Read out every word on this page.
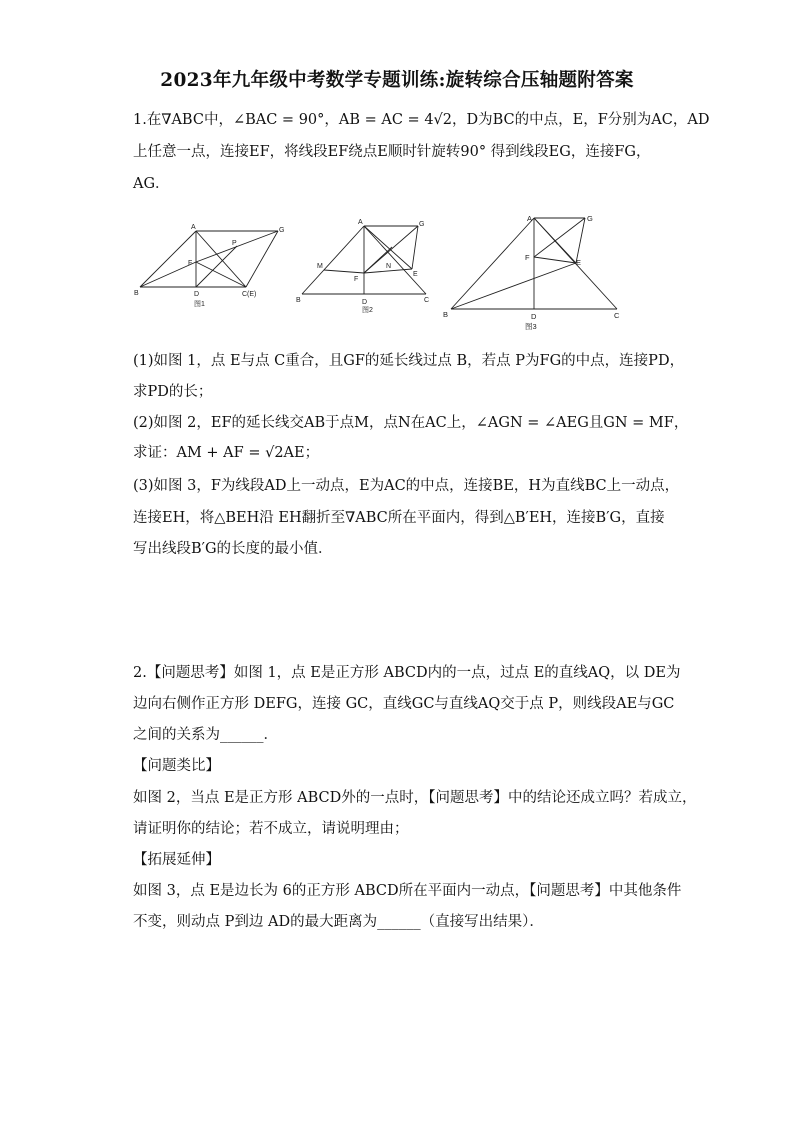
2023年九年级中考数学专题训练:旋转综合压轴题附答案
1.在∇ABC中，∠BAC = 90°，AB = AC = 4√2，D为BC的中点，E，F分别为AC，AD
上任意一点，连接EF，将线段EF绕点E顺时针旋转90° 得到线段EG，连接FG，
AG．
A	G
P
F
B	D	C(E)
图1
A	G
M	N
F
E
B	D	C
图2
A	G
F
E
B	D	C
图3
(1)如图 1，点 E与点 C重合，且GF的延长线过点 B，若点 P为FG的中点，连接PD，
求PD的长；
(2)如图 2，EF的延长线交AB于点M，点N在AC上，∠AGN = ∠AEG且GN = MF，
求证：AM + AF = √2AE；
(3)如图 3，F为线段AD上一动点，E为AC的中点，连接BE，H为直线BC上一动点，
连接EH，将△BEH沿 EH翻折至∇ABC所在平面内，得到△B′EH，连接B′G，直接
写出线段B′G的长度的最小值．
2.【问题思考】如图 1，点 E是正方形 ABCD内的一点，过点 E的直线AQ，以 DE为
边向右侧作正方形 DEFG，连接 GC，直线GC与直线AQ交于点 P，则线段AE与GC
之间的关系为______．
【问题类比】
如图 2，当点 E是正方形 ABCD外的一点时，【问题思考】中的结论还成立吗？若成立，
请证明你的结论；若不成立，请说明理由；
【拓展延伸】
如图 3，点 E是边长为 6的正方形 ABCD所在平面内一动点，【问题思考】中其他条件
不变，则动点 P到边 AD的最大距离为______（直接写出结果）．
